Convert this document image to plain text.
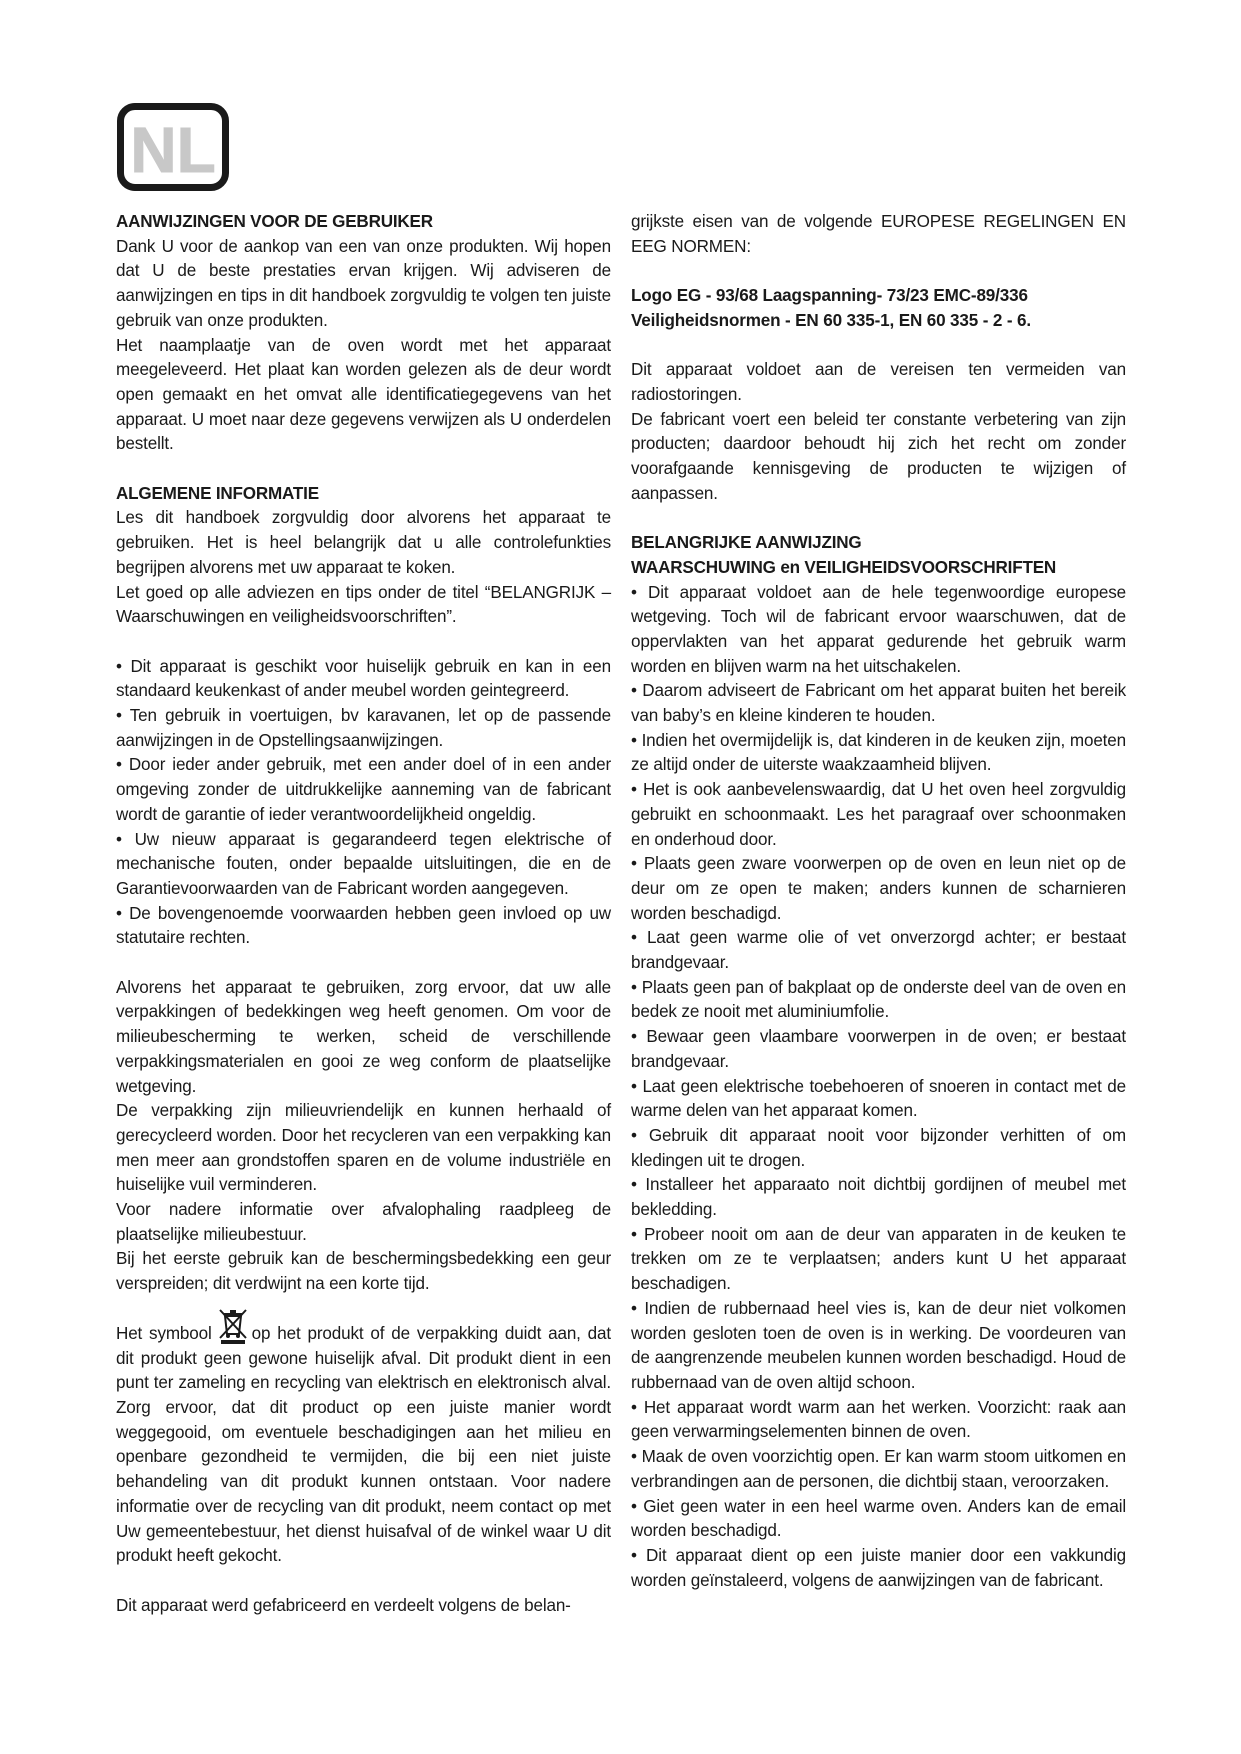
NL

AANWIJZINGEN VOOR DE GEBRUIKER

Dank U voor de aankop van een van onze produkten. Wij hopen dat U de beste prestaties ervan krijgen. Wij adviseren de aanwijzingen en tips in dit handboek zorgvuldig te volgen ten juiste gebruik van onze produkten.

Het naamplaatje van de oven wordt met het apparaat meegeleveerd. Het plaat kan worden gelezen als de deur wordt open gemaakt en het omvat alle identificatiegegevens van het apparaat. U moet naar deze gegevens verwijzen als U onderdelen bestellt.

ALGEMENE INFORMATIE

Les dit handboek zorgvuldig door alvorens het apparaat te gebruiken. Het is heel belangrijk dat u alle controlefunkties begrijpen alvorens met uw apparaat te koken.

Let goed op alle adviezen en tips onder de titel “BELANGRIJK – Waarschuwingen en veiligheidsvoorschriften”.

• Dit apparaat is geschikt voor huiselijk gebruik en kan in een standaard keukenkast of ander meubel worden geintegreerd.

• Ten gebruik in voertuigen, bv karavanen, let op de passende aanwijzingen in de Opstellingsaanwijzingen.

• Door ieder ander gebruik, met een ander doel of in een ander omgeving zonder de uitdrukkelijke aanneming van de fabricant wordt de garantie of ieder verantwoordelijkheid ongeldig.

• Uw nieuw apparaat is gegarandeerd tegen elektrische of mechanische fouten, onder bepaalde uitsluitingen, die en de Garantievoorwaarden van de Fabricant worden aangegeven.

• De bovengenoemde voorwaarden hebben geen invloed op uw statutaire rechten.

Alvorens het apparaat te gebruiken, zorg ervoor, dat uw alle verpakkingen of bedekkingen weg heeft genomen. Om voor de milieubescherming te werken, scheid de verschillende verpakkingsmaterialen en gooi ze weg conform de plaatselijke wetgeving.

De verpakking zijn milieuvriendelijk en kunnen herhaald of gerecycleerd worden. Door het recycleren van een verpakking kan men meer aan grondstoffen sparen en de volume industriële en huiselijke vuil verminderen.

Voor nadere informatie over afvalophaling raadpleeg de plaatselijke milieubestuur.

Bij het eerste gebruik kan de beschermingsbedekking een geur verspreiden; dit verdwijnt na een korte tijd.

Het symbool op het produkt of de verpakking duidt aan, dat dit produkt geen gewone huiselijk afval. Dit produkt dient in een punt ter zameling en recycling van elektrisch en elektronisch alval. Zorg ervoor, dat dit product op een juiste manier wordt weggegooid, om eventuele beschadigingen aan het milieu en openbare gezondheid te vermijden, die bij een niet juiste behandeling van dit produkt kunnen ontstaan. Voor nadere informatie over de recycling van dit produkt, neem contact op met Uw gemeentebestuur, het dienst huisafval of de winkel waar U dit produkt heeft gekocht.

Dit apparaat werd gefabriceerd en verdeelt volgens de belan-

grijkste eisen van de volgende EUROPESE REGELINGEN EN EEG NORMEN:

Logo EG - 93/68 Laagspanning- 73/23 EMC-89/336

Veiligheidsnormen - EN 60 335-1, EN 60 335 - 2 - 6.

Dit apparaat voldoet aan de vereisen ten vermeiden van radiostoringen.

De fabricant voert een beleid ter constante verbetering van zijn producten; daardoor behoudt hij zich het recht om zonder voorafgaande kennisgeving de producten te wijzigen of aanpassen.

BELANGRIJKE AANWIJZING

WAARSCHUWING en VEILIGHEIDSVOORSCHRIFTEN

• Dit apparaat voldoet aan de hele tegenwoordige europese wetgeving. Toch wil de fabricant ervoor waarschuwen, dat de oppervlakten van het apparat gedurende het gebruik warm worden en blijven warm na het uitschakelen.

• Daarom adviseert de Fabricant om het apparat buiten het bereik van baby’s en kleine kinderen te houden.

• Indien het overmijdelijk is, dat kinderen in de keuken zijn, moeten ze altijd onder de uiterste waakzaamheid blijven.

• Het is ook aanbevelenswaardig, dat U het oven heel zorgvuldig gebruikt en schoonmaakt. Les het paragraaf over schoonmaken en onderhoud door.

• Plaats geen zware voorwerpen op de oven en leun niet op de deur om ze open te maken; anders kunnen de scharnieren worden beschadigd.

• Laat geen warme olie of vet onverzorgd achter; er bestaat brandgevaar.

• Plaats geen pan of bakplaat op de onderste deel van de oven en bedek ze nooit met aluminiumfolie.

• Bewaar geen vlaambare voorwerpen in de oven; er bestaat brandgevaar.

• Laat geen elektrische toebehoeren of snoeren in contact met de warme delen van het apparaat komen.

• Gebruik dit apparaat nooit voor bijzonder verhitten of om kledingen uit te drogen.

• Installeer het apparaato noit dichtbij gordijnen of meubel met bekledding.

• Probeer nooit om aan de deur van apparaten in de keuken te trekken om ze te verplaatsen; anders kunt U het apparaat beschadigen.

• Indien de rubbernaad heel vies is, kan de deur niet volkomen worden gesloten toen de oven is in werking. De voordeuren van de aangrenzende meubelen kunnen worden beschadigd. Houd de rubbernaad van de oven altijd schoon.

• Het apparaat wordt warm aan het werken. Voorzicht: raak aan geen verwarmingselementen binnen de oven.

• Maak de oven voorzichtig open. Er kan warm stoom uitkomen en verbrandingen aan de personen, die dichtbij staan, veroorzaken.

• Giet geen water in een heel warme oven. Anders kan de email worden beschadigd.

• Dit apparaat dient op een juiste manier door een vakkundig worden geïnstaleerd, volgens de aanwijzingen van de fabricant.
